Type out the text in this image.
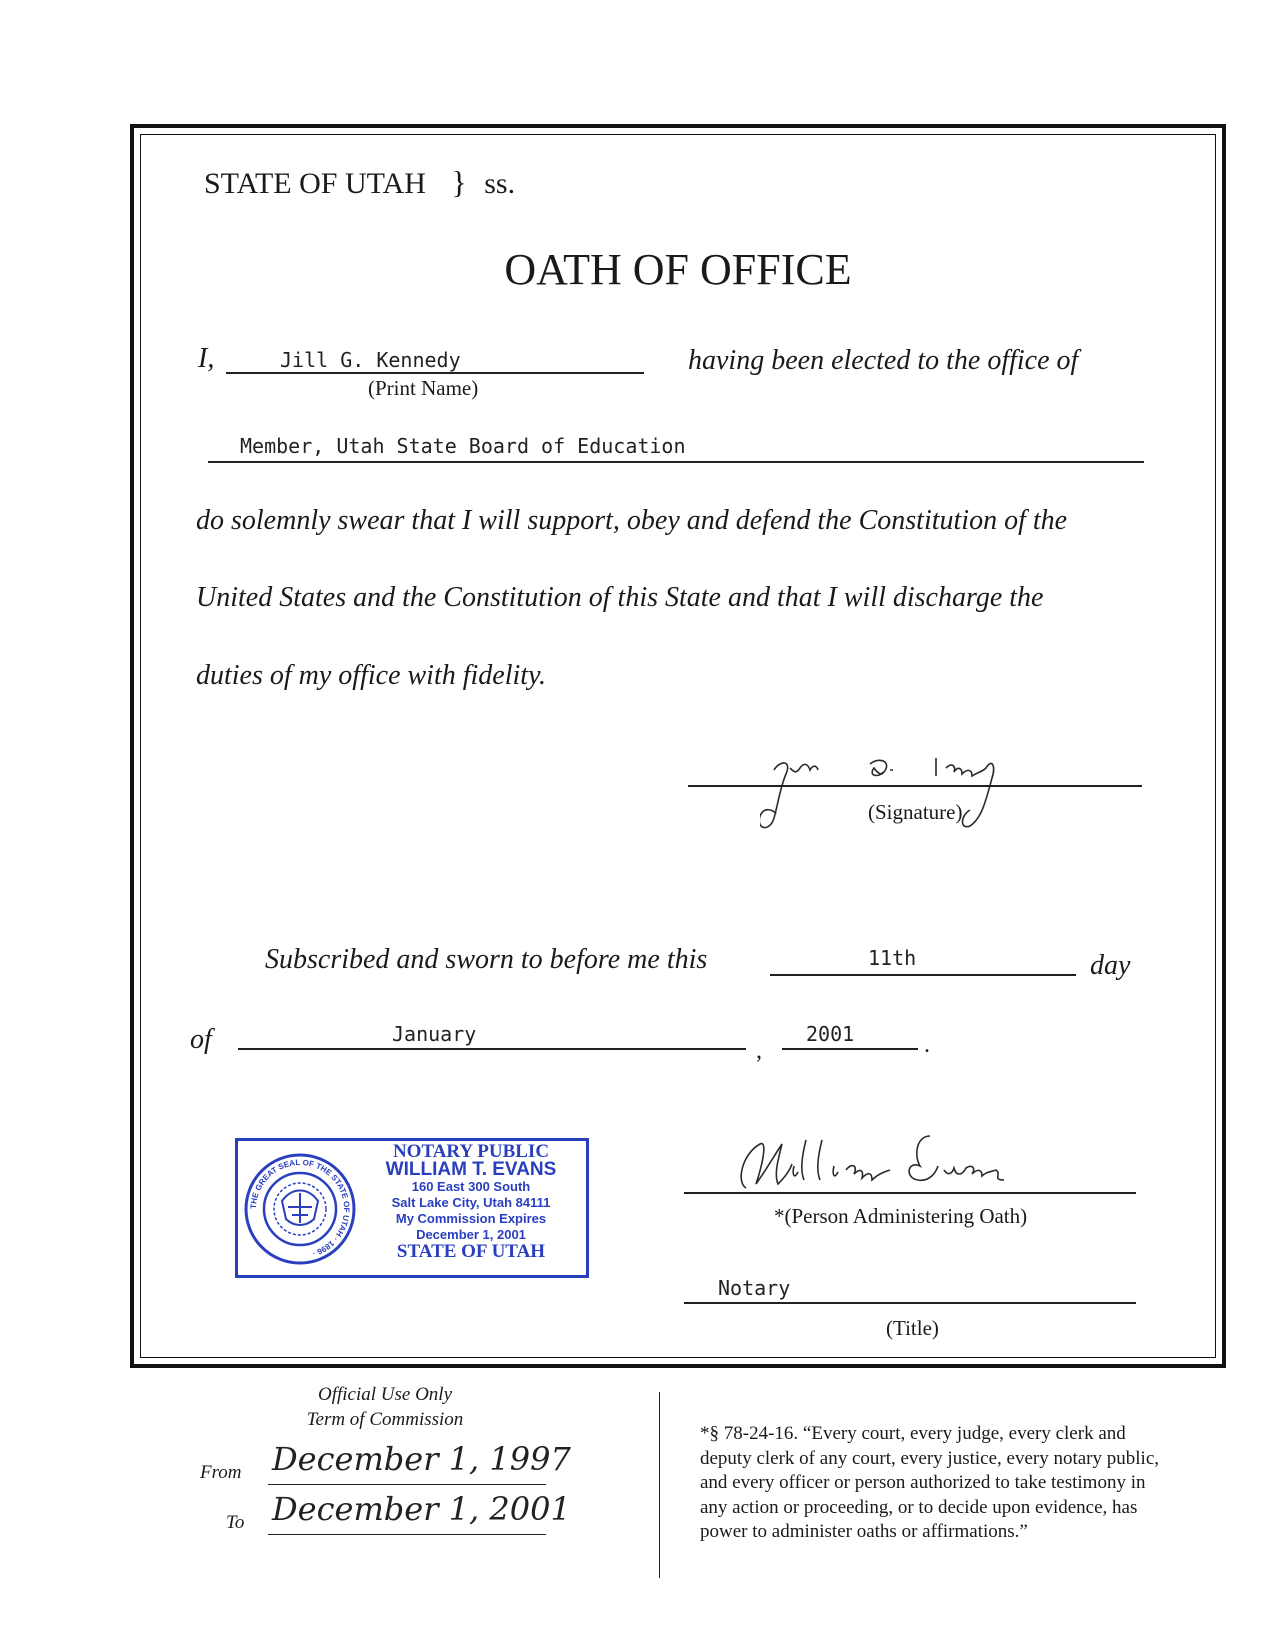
STATE OF UTAH } ss.
OATH OF OFFICE
I,	Jill G. Kennedy
(Print Name)
having been elected to the office of
Member, Utah State Board of Education
do solemnly swear that I will support, obey and defend the Constitution of the
United States and the Constitution of this State and that I will discharge the
duties of my office with fidelity.
(Signature)
Subscribed and sworn to before me this	11th	day
of	January
,
2001	.
THE GREAT SEAL OF THE STATE OF UTAH · 1896 ·
NOTARY PUBLIC
WILLIAM T. EVANS
160 East 300 South
Salt Lake City, Utah 84111
My Commission Expires
December 1, 2001
STATE OF UTAH
*(Person Administering Oath)
Notary
(Title)
Official Use Only
Term of Commission
From December 1, 1997
To December 1, 2001
*§ 78-24-16. “Every court, every judge, every clerk and
deputy clerk of any court, every justice, every notary public,
and every officer or person authorized to take testimony in
any action or proceeding, or to decide upon evidence, has
power to administer oaths or affirmations.”
